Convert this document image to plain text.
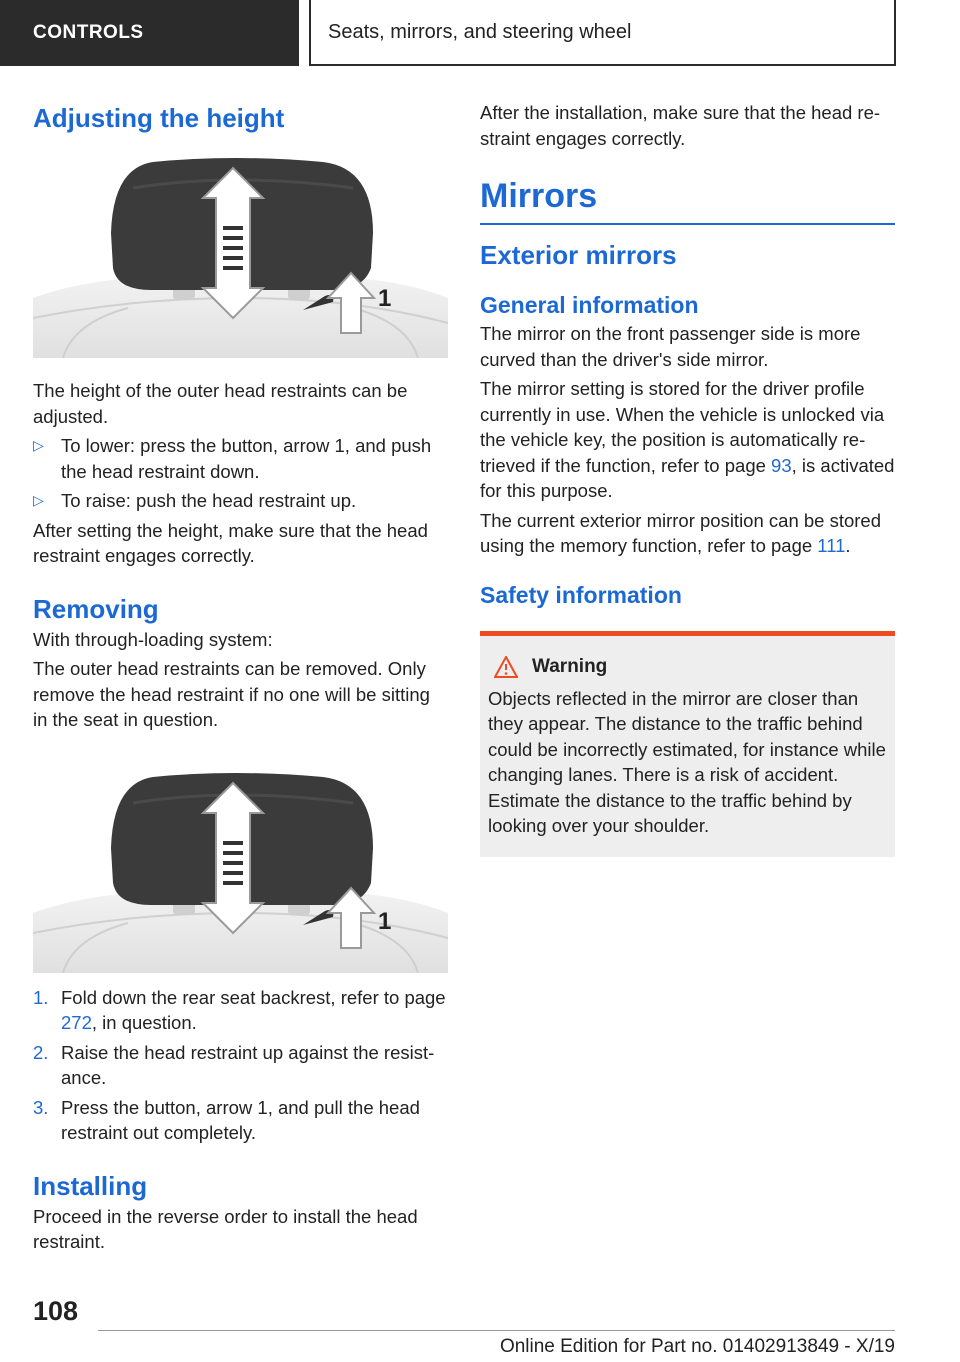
CONTROLS	Seats, mirrors, and steering wheel
Adjusting the height
1

The height of the outer head restraints can be adjusted.

▷ To lower: press the button, arrow 1, and push the head restraint down.
▷ To raise: push the head restraint up.

After setting the height, make sure that the head restraint engages correctly.

Removing

With through-loading system:

The outer head restraints can be removed. Only remove the head restraint if no one will be sitting in the seat in question.

1
1. Fold down the rear seat backrest, refer to page 272, in question.
2. Raise the head restraint up against the resistance.
3. Press the button, arrow 1, and pull the head restraint out completely.
Installing

Proceed in the reverse order to install the head restraint.

After the installation, make sure that the head restraint engages correctly.

Mirrors
Exterior mirrors
General information

The mirror on the front passenger side is more curved than the driver's side mirror.

The mirror setting is stored for the driver profile currently in use. When the vehicle is unlocked via the vehicle key, the position is automatically retrieved if the function, refer to page 93, is activated for this purpose.

The current exterior mirror position can be stored using the memory function, refer to page 111.

Safety information
Warning

Objects reflected in the mirror are closer than they appear. The distance to the traffic behind could be incorrectly estimated, for instance while changing lanes. There is a risk of accident. Estimate the distance to the traffic behind by looking over your shoulder.

108
Online Edition for Part no. 01402913849 - X/19
